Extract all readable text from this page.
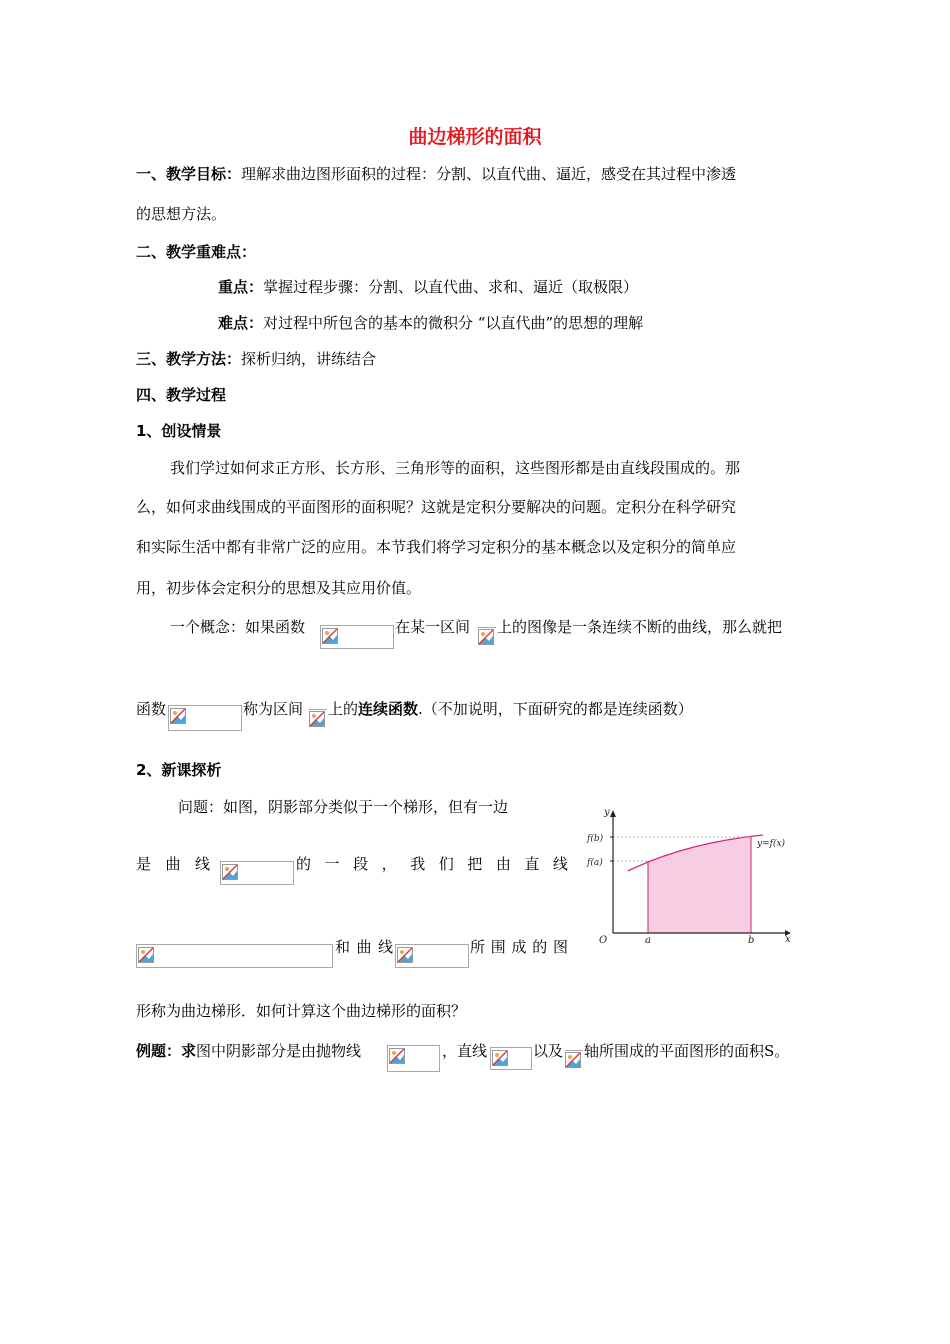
曲边梯形的面积
一、教学目标：理解求曲边图形面积的过程：分割、以直代曲、逼近，感受在其过程中渗透
的思想方法。
二、教学重难点：
重点：掌握过程步骤：分割、以直代曲、求和、逼近（取极限）
难点：对过程中所包含的基本的微积分 “以直代曲”的思想的理解
三、教学方法：探析归纳，讲练结合
四、教学过程
1、创设情景
我们学过如何求正方形、长方形、三角形等的面积，这些图形都是由直线段围成的。那
么，如何求曲线围成的平面图形的面积呢？这就是定积分要解决的问题。定积分在科学研究
和实际生活中都有非常广泛的应用。本节我们将学习定积分的基本概念以及定积分的简单应
用，初步体会定积分的思想及其应用价值。
一个概念：如果函数	在某一区间 上的图像是一条连续不断的曲线，那么就把
函数	称为区间 上的连续函数.（不加说明，下面研究的都是连续函数）
2、新课探析
问题：如图，阴影部分类似于一个梯形，但有一边
是 曲 线	的 一 段 ， 我 们 把 由 直 线
和 曲 线	所 围 成 的 图
形称为曲边梯形．如何计算这个曲边梯形的面积？
例题：求图中阴影部分是由抛物线	，直线	以及 轴所围成的平面图形的面积S。
y
x
O
f(b)
f(a)
y=f(x)
a	b
